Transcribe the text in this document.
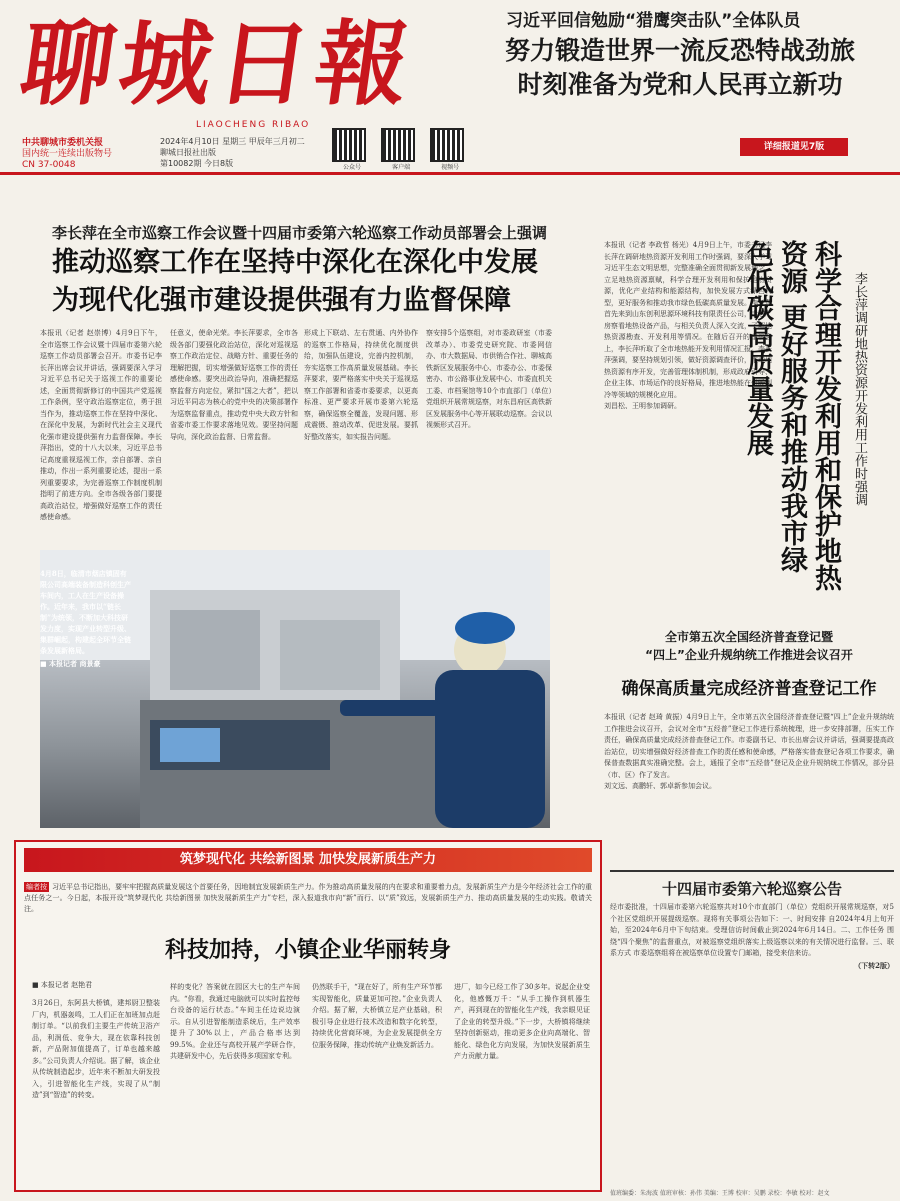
聊城日報
LIAOCHENG RIBAO
中共聊城市委机关报
国内统一连续出版物号
CN 37-0048
2024年4月10日 星期三 甲辰年三月初二
聊城日报社出版
第10082期 今日8版	公众号
	客户端
	视频号
习近平回信勉励“猎鹰突击队”全体队员
努力锻造世界一流反恐特战劲旅
时刻准备为党和人民再立新功
详细报道见7版
李长萍在全市巡察工作会议暨十四届市委第六轮巡察工作动员部署会上强调
推动巡察工作在坚持中深化在深化中发展
为现代化强市建设提供强有力监督保障
本报讯（记者 赵崇博）4月9日下午，全市巡察工作会议暨十四届市委第六轮巡察工作动员部署会召开。市委书记李长萍出席会议并讲话，强调要深入学习习近平总书记关于巡视工作的重要论述，全面贯彻新修订的中国共产党巡视工作条例，坚守政治巡察定位，勇于担当作为，推动巡察工作在坚持中深化、在深化中发展，为新时代社会主义现代化强市建设提供强有力监督保障。李长萍指出，党的十八大以来，习近平总书记高度重视巡视工作，亲自部署、亲自推动，作出一系列重要论述，提出一系列重要要求，为完善巡察工作制度机制指明了前进方向。全市各级各部门要提高政治站位，增强做好巡察工作的责任感使命感。
任意义，使命光荣。李长萍要求，全市各级各部门要强化政治站位，深化对巡视巡察工作政治定位、战略方针、重要任务的理解把握，切实增强做好巡察工作的责任感使命感。要突出政治导向，准确把握巡察监督方向定位，紧扣“国之大者”，把以习近平同志为核心的党中央的决策部署作为巡察监督重点，推动党中央大政方针和省委市委工作要求落地见效。要坚持问题导向，深化政治监督、日常监督。
形成上下联动、左右贯通、内外协作的巡察工作格局，持续优化制度供给，加强队伍建设，完善内控机制，夯实巡察工作高质量发展基础。李长萍要求，要严格落实中央关于巡视巡察工作部署和省委市委要求，以更高标准、更严要求开展市委第六轮巡察，确保巡察全覆盖，发现问题、形成震慑、推动改革、促进发展。要抓好整改落实，如实报告问题。
察安排5个巡察组，对市委政研室（市委改革办）、市委党史研究院、市委网信办、市大数据局、市供销合作社、聊城高铁新区发展服务中心、市委办公、市委保密办、市公路事业发展中心、市委直机关工委、市档案馆等10个市直部门（单位）党组织开展常规巡察，对东昌府区高铁新区发展服务中心等开展联动巡察。会议以视频形式召开。
4月8日，临清市烟店镇固有限公司高端装备制造科创生产车间内，工人在生产设备操作。近年来，我市以“链长制”为统领，不断加大科技研发力度，实现产业转型升级、集群崛起，构建起全环节全链条发展新格局。
■ 本报记者 商景豪
本报讯（记者 李政哲 杨光）4月9日上午，市委书记李长萍在调研地热资源开发利用工作时强调，要深入学习习近平生态文明思想，完整准确全面贯彻新发展理念，立足地热资源禀赋，科学合理开发利用和保护地热资源，优化产业结构和能源结构，加快发展方式绿色转型，更好服务和推动我市绿色低碳高质量发展。李长萍首先来到山东创利思源环境科技有限责任公司，走进厂房察看地热设备产品，与相关负责人深入交流，了解地热资源勘查、开发利用等情况。在随后召开的座谈会上，李长萍听取了全市地热能开发利用情况汇报。李长萍强调，要坚持规划引领，做好资源调查评价，推动地热资源有序开发，完善管理体制机制，形成政府引导、企业主体、市场运作的良好格局，推进地热能在供暖制冷等领域的规模化应用。
刘昌松、王明参加调研。	科学合理开发利用和保护地热资源 更好服务和推动我市绿色低碳高质量发展	李长萍调研地热资源开发利用工作时强调
全市第五次全国经济普查登记暨
“四上”企业升规纳统工作推进会议召开
确保高质量完成经济普查登记工作
本报讯（记者 赵琦 黄振）4月9日上午，全市第五次全国经济普查登记暨“四上”企业升规纳统工作推进会议召开，会议对全市“五经普”登记工作进行系统梳理，进一步安排部署，压实工作责任，确保高质量完成经济普查登记工作。市委副书记、市长出席会议并讲话，强调要提高政治站位，切实增强做好经济普查工作的责任感和使命感，严格落实普查登记各项工作要求，确保普查数据真实准确完整。会上，通报了全市“五经普”登记及企业升规纳统工作情况，部分县（市、区）作了发言。
刘文远、高鹏轩、郭卓新参加会议。
筑梦现代化 共绘新图景 加快发展新质生产力
编者按 习近平总书记指出，要牢牢把握高质量发展这个首要任务，因地制宜发展新质生产力。作为推动高质量发展的内在要求和重要着力点，发展新质生产力是今年经济社会工作的重点任务之一。今日起，本报开设“筑梦现代化 共绘新图景 加快发展新质生产力”专栏，深入报道我市向“新”而行、以“质”致远，发展新质生产力、推动高质量发展的生动实践。敬请关注。
科技加持，小镇企业华丽转身
■ 本报记者 赵艳君
3月26日，东阿县大桥镇，建邦厨卫整装厂内，机器轰鸣，工人们正在加班加点赶制订单。“以前我们主要生产传统卫浴产品，利润低、竞争大，现在依靠科技创新，产品附加值提高了，订单也越来越多。”公司负责人介绍说。据了解，该企业从传统制造起步，近年来不断加大研发投入，引进智能化生产线，实现了从“制造”到“智造”的转变。
样的变化？答案就在园区大七的生产车间内。“你看，我通过电脑就可以实时监控每台设备的运行状态。”车间主任边说边演示。自从引进智能制造系统后，生产效率提升了30%以上，产品合格率达到99.5%。企业还与高校开展产学研合作，共建研发中心，先后获得多项国家专利。
仍然联手干，“现在好了，所有生产环节都实现智能化，质量更加可控。”企业负责人介绍。据了解，大桥镇立足产业基础，积极引导企业进行技术改造和数字化转型，持续优化营商环境，为企业发展提供全方位服务保障，推动传统产业焕发新活力。
进厂，如今已经工作了30多年。说起企业变化，他感慨万千：“从手工操作到机器生产，再到现在的智能化生产线，我亲眼见证了企业的转型升级。”下一步，大桥镇将继续坚持创新驱动，推动更多企业向高端化、智能化、绿色化方向发展，为加快发展新质生产力贡献力量。
十四届市委第六轮巡察公告
经市委批准，十四届市委第六轮巡察共对10个市直部门（单位）党组织开展常规巡察，对5个社区党组织开展提级巡察。现将有关事项公告如下：一、时间安排 自2024年4月上旬开始，至2024年6月中下旬结束。受理信访时间截止到2024年6月14日。二、工作任务 围绕“四个聚焦”的监督重点，对被巡察党组织落实上级巡察以来的有关情况进行监督。三、联系方式 市委巡察组将在被巡察单位设置专门邮箱，接受来信来访。
（下转2版）
值班编委：朱海波 值班审核：孙伟 美编：王博 校审：吴鹏 录校：李敏 校对：赵文
